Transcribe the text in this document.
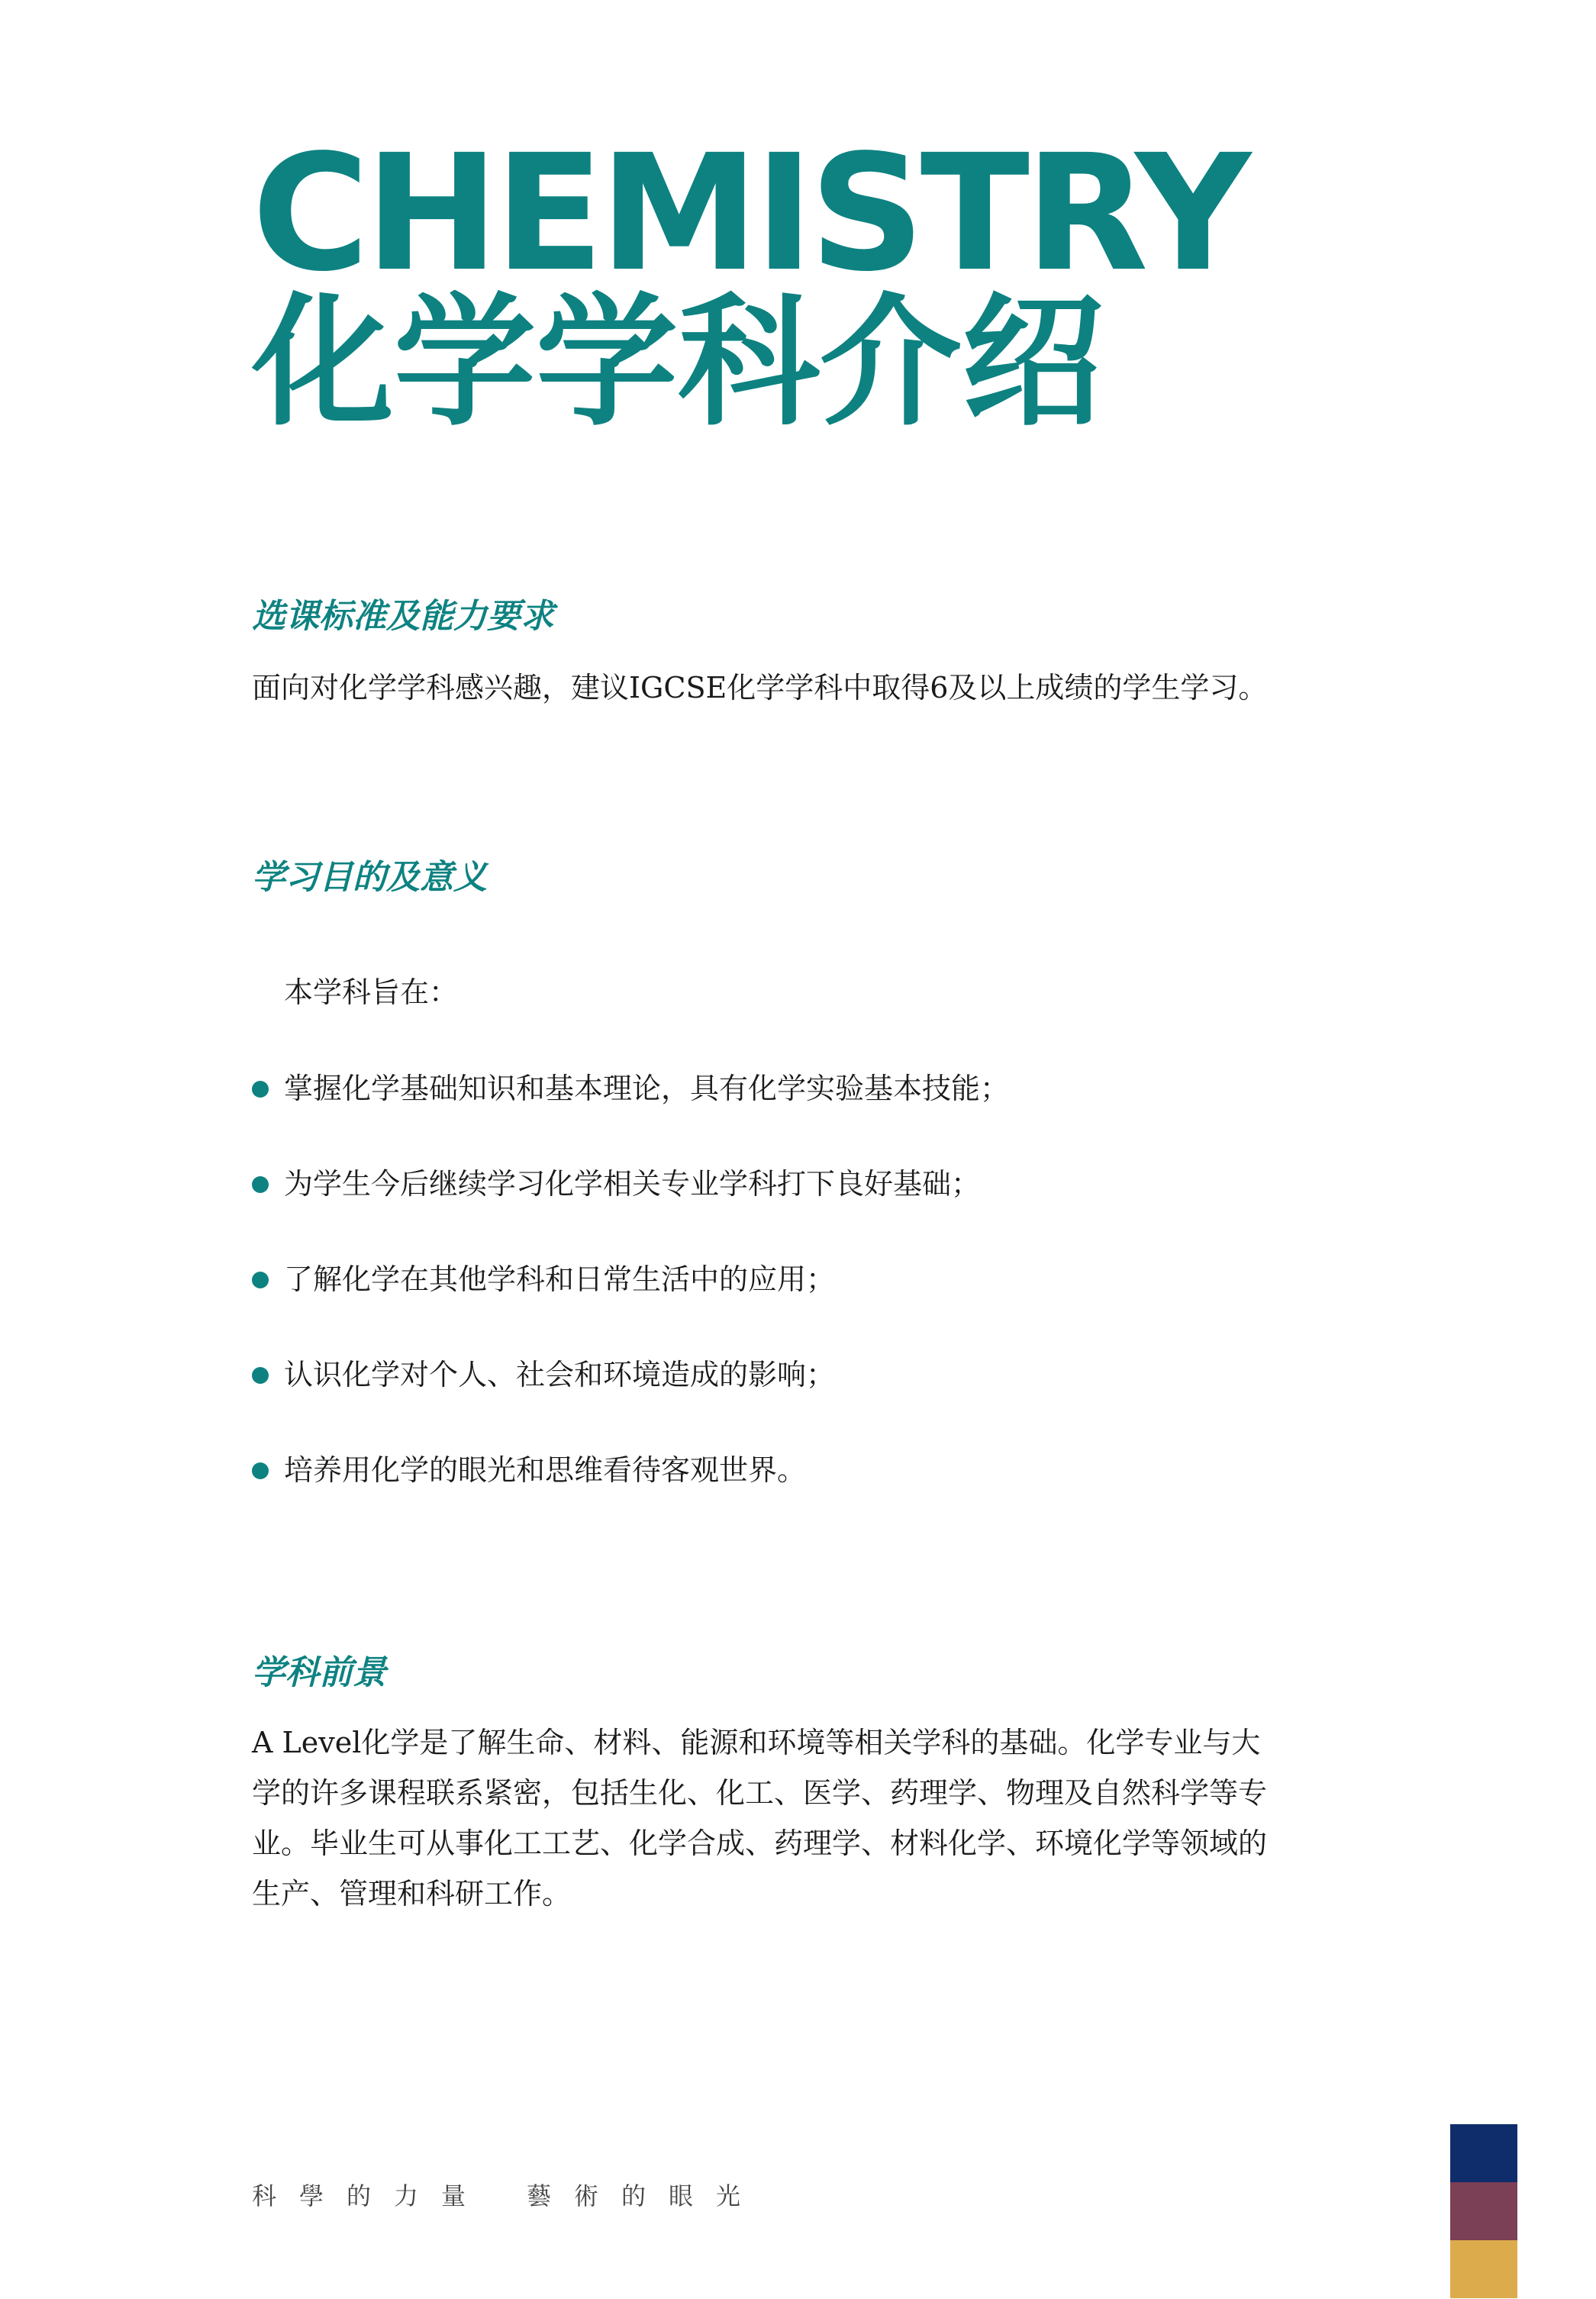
CHEMISTRY
化学学科介绍
选课标准及能力要求

面向对化学学科感兴趣，建议IGCSE化学学科中取得6及以上成绩的学生学习。

学习目的及意义

本学科旨在：

掌握化学基础知识和基本理论，具有化学实验基本技能；
为学生今后继续学习化学相关专业学科打下良好基础；
了解化学在其他学科和日常生活中的应用；
认识化学对个人、社会和环境造成的影响；
培养用化学的眼光和思维看待客观世界。
学科前景

A Level化学是了解生命、材料、能源和环境等相关学科的基础。化学专业与大学的许多课程联系紧密，包括生化、化工、医学、药理学、物理及自然科学等专业。毕业生可从事化工工艺、化学合成、药理学、材料化学、环境化学等领域的生产、管理和科研工作。

科學的力量 藝術的眼光
